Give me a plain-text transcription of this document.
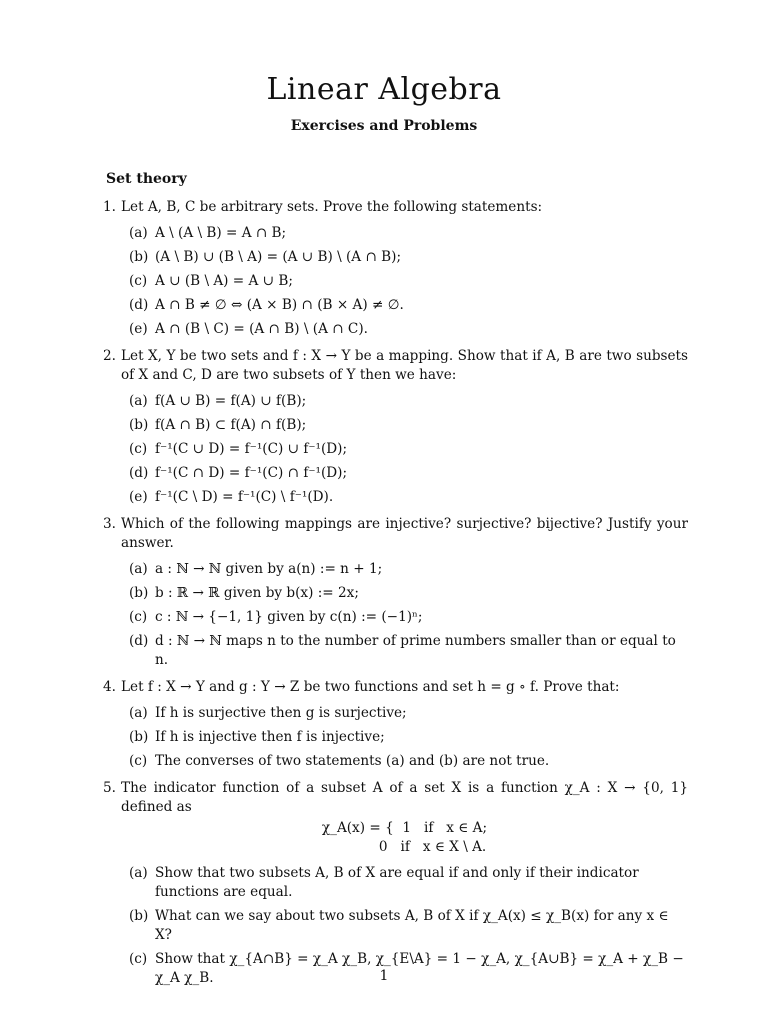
Linear Algebra
Exercises and Problems
Set theory
1. Let A, B, C be arbitrary sets. Prove the following statements:
(a) A \ (A \ B) = A ∩ B;
(b) (A \ B) ∪ (B \ A) = (A ∪ B) \ (A ∩ B);
(c) A ∪ (B \ A) = A ∪ B;
(d) A ∩ B ≠ ∅ ⇔ (A × B) ∩ (B × A) ≠ ∅.
(e) A ∩ (B \ C) = (A ∩ B) \ (A ∩ C).
2. Let X, Y be two sets and f : X → Y be a mapping. Show that if A, B are two subsets of X and C, D are two subsets of Y then we have:
(a) f(A ∪ B) = f(A) ∪ f(B);
(b) f(A ∩ B) ⊂ f(A) ∩ f(B);
(c) f⁻¹(C ∪ D) = f⁻¹(C) ∪ f⁻¹(D);
(d) f⁻¹(C ∩ D) = f⁻¹(C) ∩ f⁻¹(D);
(e) f⁻¹(C \ D) = f⁻¹(C) \ f⁻¹(D).
3. Which of the following mappings are injective? surjective? bijective? Justify your answer.
(a) a : ℕ → ℕ given by a(n) := n + 1;
(b) b : ℝ → ℝ given by b(x) := 2x;
(c) c : ℕ → {−1, 1} given by c(n) := (−1)ⁿ;
(d) d : ℕ → ℕ maps n to the number of prime numbers smaller than or equal to n.
4. Let f : X → Y and g : Y → Z be two functions and set h = g ∘ f. Prove that:
(a) If h is surjective then g is surjective;
(b) If h is injective then f is injective;
(c) The converses of two statements (a) and (b) are not true.
5. The indicator function of a subset A of a set X is a function χ_A : X → {0, 1} defined as
χ_A(x) = {  1   if   x ∈ A;
0   if   x ∈ X \ A.
(a) Show that two subsets A, B of X are equal if and only if their indicator functions are equal.
(b) What can we say about two subsets A, B of X if χ_A(x) ≤ χ_B(x) for any x ∈ X?
(c) Show that χ_{A∩B} = χ_A χ_B, χ_{E\A} = 1 − χ_A, χ_{A∪B} = χ_A + χ_B − χ_A χ_B.	1
